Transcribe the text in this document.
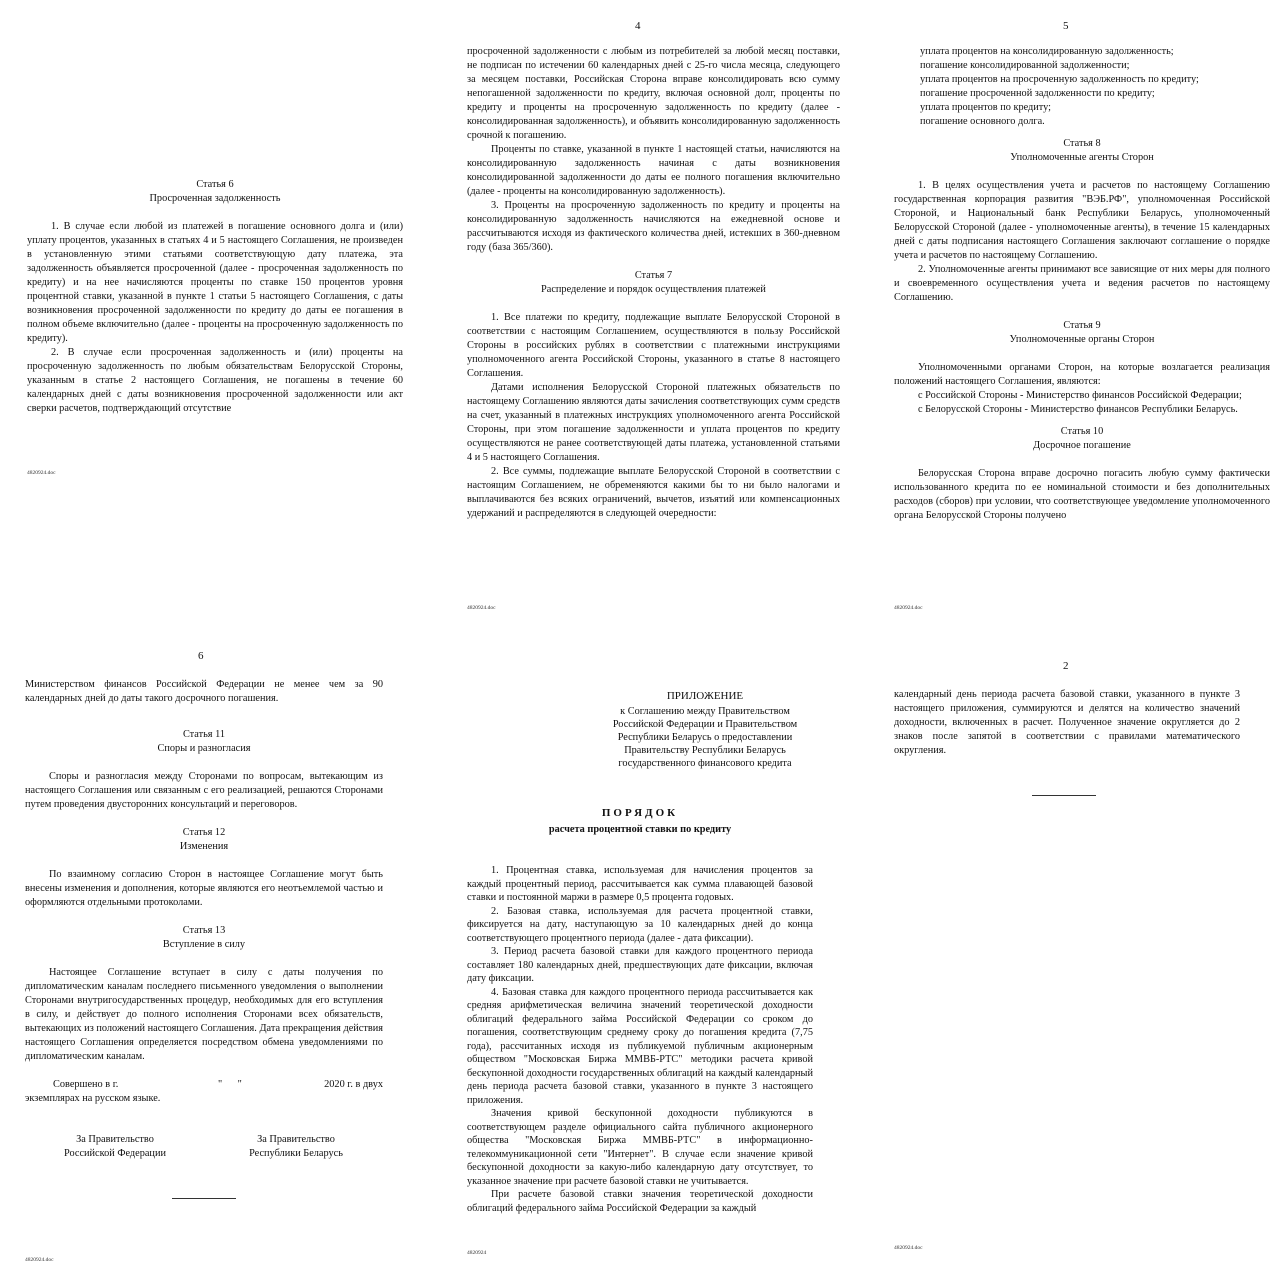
Статья 6

Просроченная задолженность

1. В случае если любой из платежей в погашение основного долга и (или) уплату процентов, указанных в статьях 4 и 5 настоящего Соглашения, не произведен в установленную этими статьями соответствующую дату платежа, эта задолженность объявляется просроченной (далее - просроченная задолженность по кредиту) и на нее начисляются проценты по ставке 150 процентов уровня процентной ставки, указанной в пункте 1 статьи 5 настоящего Соглашения, с даты возникновения просроченной задолженности по кредиту до даты ее погашения в полном объеме включительно (далее - проценты на просроченную задолженность по кредиту).

2. В случае если просроченная задолженность и (или) проценты на просроченную задолженность по любым обязательствам Белорусской Стороны, указанным в статье 2 настоящего Соглашения, не погашены в течение 60 календарных дней с даты возникновения просроченной задолженности или акт сверки расчетов, подтверждающий отсутствие

4820924.doc
4

просроченной задолженности с любым из потребителей за любой месяц поставки, не подписан по истечении 60 календарных дней с 25-го числа месяца, следующего за месяцем поставки, Российская Сторона вправе консолидировать всю сумму непогашенной задолженности по кредиту, включая основной долг, проценты по кредиту и проценты на просроченную задолженность по кредиту (далее - консолидированная задолженность), и объявить консолидированную задолженность срочной к погашению.

Проценты по ставке, указанной в пункте 1 настоящей статьи, начисляются на консолидированную задолженность начиная с даты возникновения консолидированной задолженности до даты ее полного погашения включительно (далее - проценты на консолидированную задолженность).

3. Проценты на просроченную задолженность по кредиту и проценты на консолидированную задолженность начисляются на ежедневной основе и рассчитываются исходя из фактического количества дней, истекших в 360-дневном году (база 365/360).

Статья 7

Распределение и порядок осуществления платежей

1. Все платежи по кредиту, подлежащие выплате Белорусской Стороной в соответствии с настоящим Соглашением, осуществляются в пользу Российской Стороны в российских рублях в соответствии с платежными инструкциями уполномоченного агента Российской Стороны, указанного в статье 8 настоящего Соглашения.

Датами исполнения Белорусской Стороной платежных обязательств по настоящему Соглашению являются даты зачисления соответствующих сумм средств на счет, указанный в платежных инструкциях уполномоченного агента Российской Стороны, при этом погашение задолженности и уплата процентов по кредиту осуществляются не ранее соответствующей даты платежа, установленной статьями 4 и 5 настоящего Соглашения.

2. Все суммы, подлежащие выплате Белорусской Стороной в соответствии с настоящим Соглашением, не обременяются какими бы то ни было налогами и выплачиваются без всяких ограничений, вычетов, изъятий или компенсационных удержаний и распределяются в следующей очередности:

4820924.doc
5

уплата процентов на консолидированную задолженность;

погашение консолидированной задолженности;

уплата процентов на просроченную задолженность по кредиту;

погашение просроченной задолженности по кредиту;

уплата процентов по кредиту;

погашение основного долга.

Статья 8

Уполномоченные агенты Сторон

1. В целях осуществления учета и расчетов по настоящему Соглашению государственная корпорация развития "ВЭБ.РФ", уполномоченная Российской Стороной, и Национальный банк Республики Беларусь, уполномоченный Белорусской Стороной (далее - уполномоченные агенты), в течение 15 календарных дней с даты подписания настоящего Соглашения заключают соглашение о порядке учета и расчетов по настоящему Соглашению.

2. Уполномоченные агенты принимают все зависящие от них меры для полного и своевременного осуществления учета и ведения расчетов по настоящему Соглашению.

Статья 9

Уполномоченные органы Сторон

Уполномоченными органами Сторон, на которые возлагается реализация положений настоящего Соглашения, являются:

с Российской Стороны - Министерство финансов Российской Федерации;

с Белорусской Стороны - Министерство финансов Республики Беларусь.

Статья 10

Досрочное погашение

Белорусская Сторона вправе досрочно погасить любую сумму фактически использованного кредита по ее номинальной стоимости и без дополнительных расходов (сборов) при условии, что соответствующее уведомление уполномоченного органа Белорусской Стороны получено

4820924.doc
6

Министерством финансов Российской Федерации не менее чем за 90 календарных дней до даты такого досрочного погашения.

Статья 11

Споры и разногласия

Споры и разногласия между Сторонами по вопросам, вытекающим из настоящего Соглашения или связанным с его реализацией, решаются Сторонами путем проведения двусторонних консультаций и переговоров.

Статья 12

Изменения

По взаимному согласию Сторон в настоящее Соглашение могут быть внесены изменения и дополнения, которые являются его неотъемлемой частью и оформляются отдельными протоколами.

Статья 13

Вступление в силу

Настоящее Соглашение вступает в силу с даты получения по дипломатическим каналам последнего письменного уведомления о выполнении Сторонами внутригосударственных процедур, необходимых для его вступления в силу, и действует до полного исполнения Сторонами всех обязательств, вытекающих из положений настоящего Соглашения. Дата прекращения действия настоящего Соглашения определяется посредством обмена уведомлениями по дипломатическим каналам.

Совершено в г.	"      "	2020 г. в двух

экземплярах на русском языке.

За Правительство
Российской Федерации
За Правительство
Республики Беларусь
4820924.doc
ПРИЛОЖЕНИЕ
к Соглашению между Правительством
Российской Федерации и Правительством
Республики Беларусь о предоставлении
Правительству Республики Беларусь
государственного финансового кредита
ПОРЯДОК
расчета процентной ставки по кредиту

1. Процентная ставка, используемая для начисления процентов за каждый процентный период, рассчитывается как сумма плавающей базовой ставки и постоянной маржи в размере 0,5 процента годовых.

2. Базовая ставка, используемая для расчета процентной ставки, фиксируется на дату, наступающую за 10 календарных дней до конца соответствующего процентного периода (далее - дата фиксации).

3. Период расчета базовой ставки для каждого процентного периода составляет 180 календарных дней, предшествующих дате фиксации, включая дату фиксации.

4. Базовая ставка для каждого процентного периода рассчитывается как средняя арифметическая величина значений теоретической доходности облигаций федерального займа Российской Федерации со сроком до погашения, соответствующим среднему сроку до погашения кредита (7,75 года), рассчитанных исходя из публикуемой публичным акционерным обществом "Московская Биржа ММВБ-РТС" методики расчета кривой бескупонной доходности государственных облигаций на каждый календарный день периода расчета базовой ставки, указанного в пункте 3 настоящего приложения.

Значения кривой бескупонной доходности публикуются в соответствующем разделе официального сайта публичного акционерного общества "Московская Биржа ММВБ-РТС" в информационно-телекоммуникационной сети "Интернет". В случае если значение кривой бескупонной доходности за какую-либо календарную дату отсутствует, то указанное значение при расчете базовой ставки не учитывается.

При расчете базовой ставки значения теоретической доходности облигаций федерального займа Российской Федерации за каждый

4820924
2

календарный день периода расчета базовой ставки, указанного в пункте 3 настоящего приложения, суммируются и делятся на количество значений доходности, включенных в расчет. Полученное значение округляется до 2 знаков после запятой в соответствии с правилами математического округления.

4820924.doc
